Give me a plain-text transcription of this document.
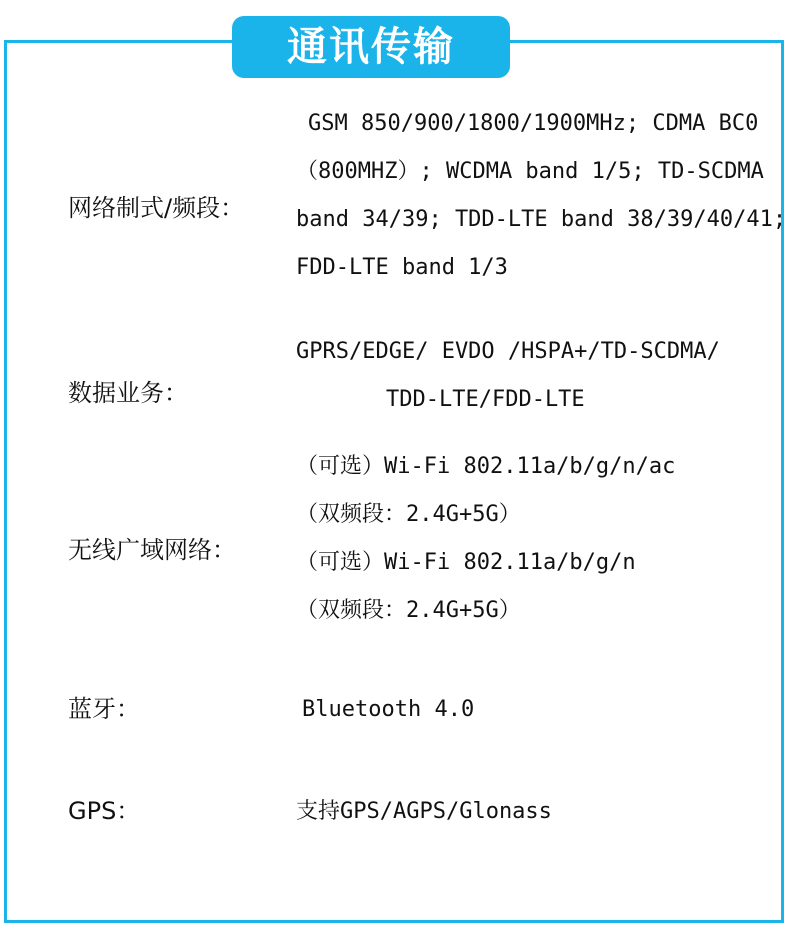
通讯传输
网络制式/频段：
GSM 850/900/1800/1900MHz; CDMA BC0
（800MHZ）; WCDMA band 1/5; TD-SCDMA
band 34/39; TDD-LTE band 38/39/40/41;
FDD-LTE band 1/3
数据业务：
GPRS/EDGE/ EVDO /HSPA+/TD-SCDMA/
TDD-LTE/FDD-LTE
无线广域网络：
（可选）Wi-Fi 802.11a/b/g/n/ac
（双频段：2.4G+5G）
（可选）Wi-Fi 802.11a/b/g/n
（双频段：2.4G+5G）
蓝牙：	Bluetooth 4.0
GPS：	支持GPS/AGPS/Glonass
